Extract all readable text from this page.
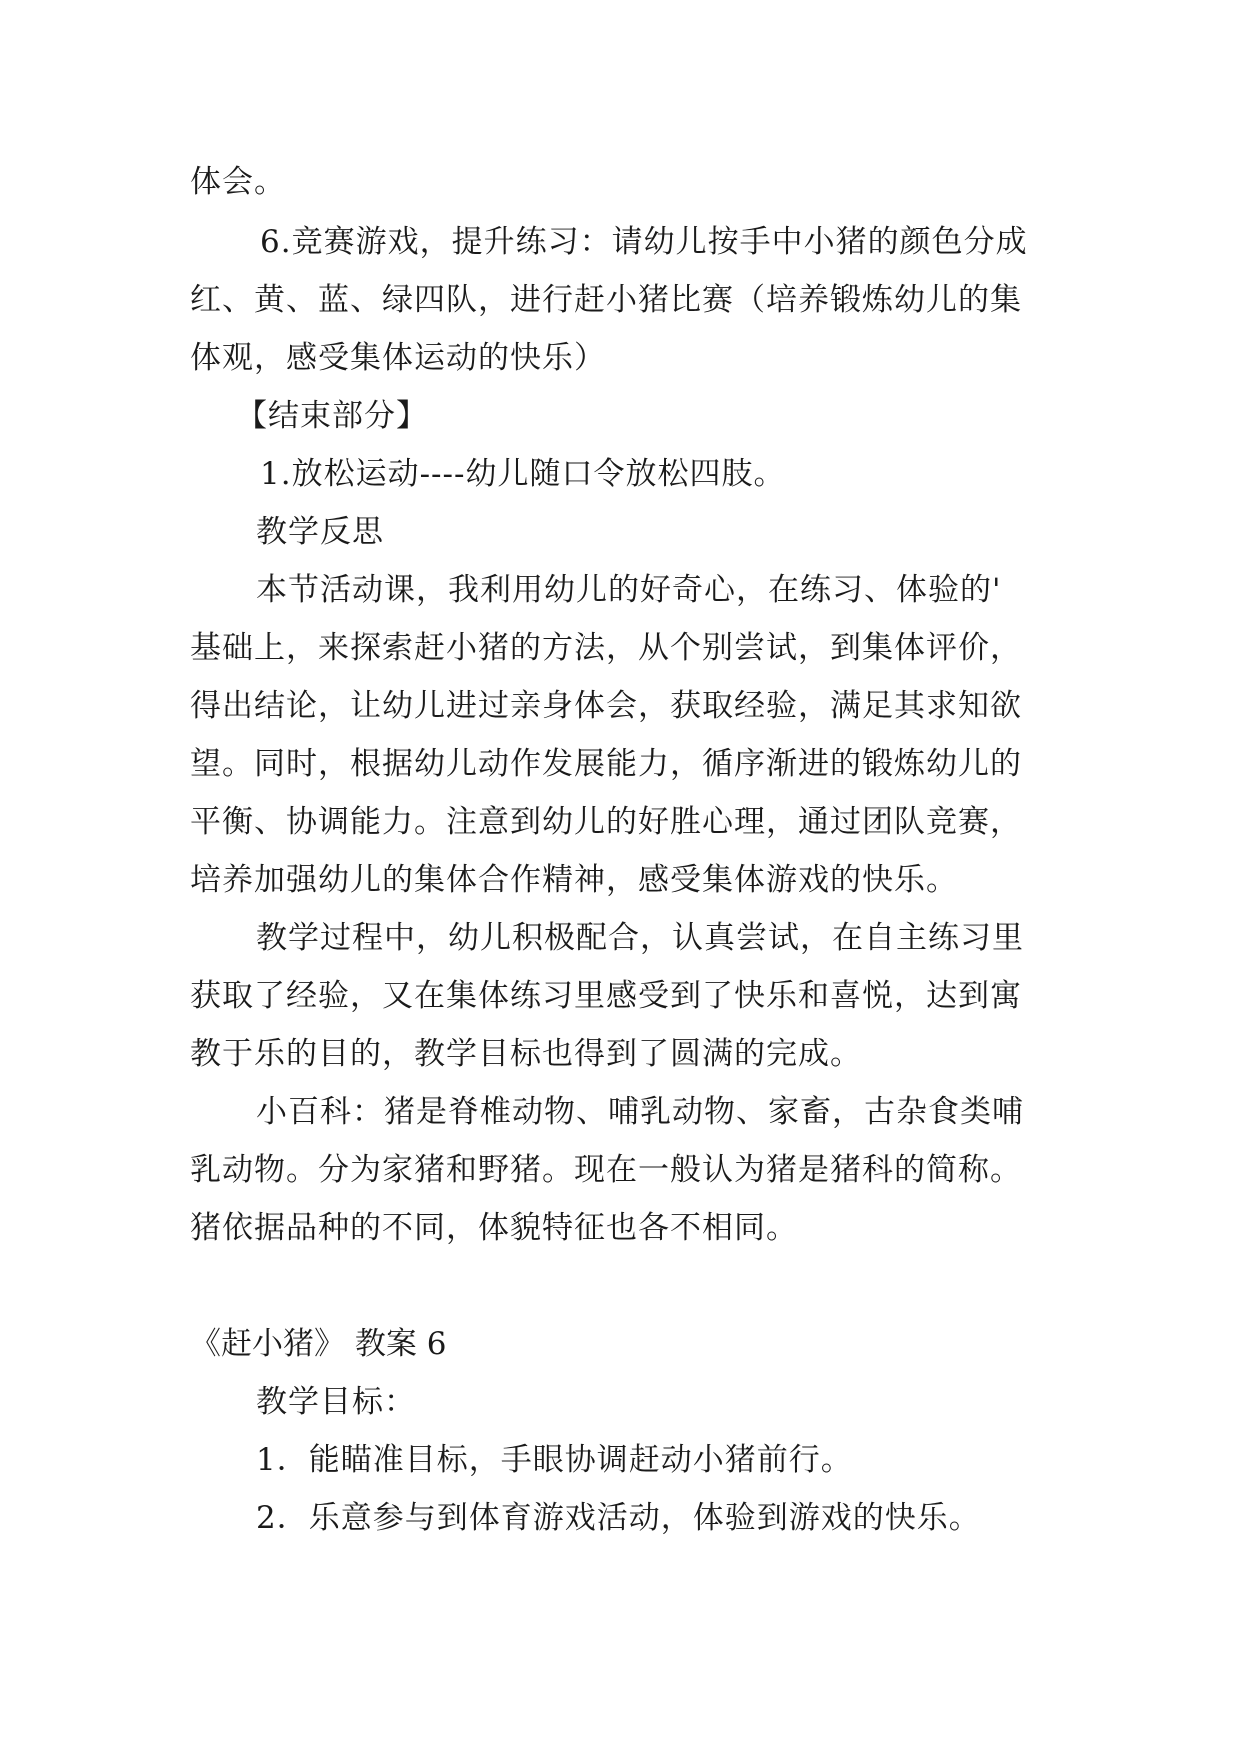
体会。
6.竞赛游戏，提升练习：请幼儿按手中小猪的颜色分成
红、黄、蓝、绿四队，进行赶小猪比赛（培养锻炼幼儿的集
体观，感受集体运动的快乐）
【结束部分】
1.放松运动----幼儿随口令放松四肢。
教学反思
本节活动课，我利用幼儿的好奇心，在练习、体验的'
基础上，来探索赶小猪的方法，从个别尝试，到集体评价，
得出结论，让幼儿进过亲身体会，获取经验，满足其求知欲
望。同时，根据幼儿动作发展能力，循序渐进的锻炼幼儿的
平衡、协调能力。注意到幼儿的好胜心理，通过团队竞赛，
培养加强幼儿的集体合作精神，感受集体游戏的快乐。
教学过程中，幼儿积极配合，认真尝试，在自主练习里
获取了经验，又在集体练习里感受到了快乐和喜悦，达到寓
教于乐的目的，教学目标也得到了圆满的完成。
小百科：猪是脊椎动物、哺乳动物、家畜，古杂食类哺
乳动物。分为家猪和野猪。现在一般认为猪是猪科的简称。
猪依据品种的不同，体貌特征也各不相同。
《赶小猪》 教案 6
教学目标：
1．能瞄准目标，手眼协调赶动小猪前行。
2．乐意参与到体育游戏活动，体验到游戏的快乐。
